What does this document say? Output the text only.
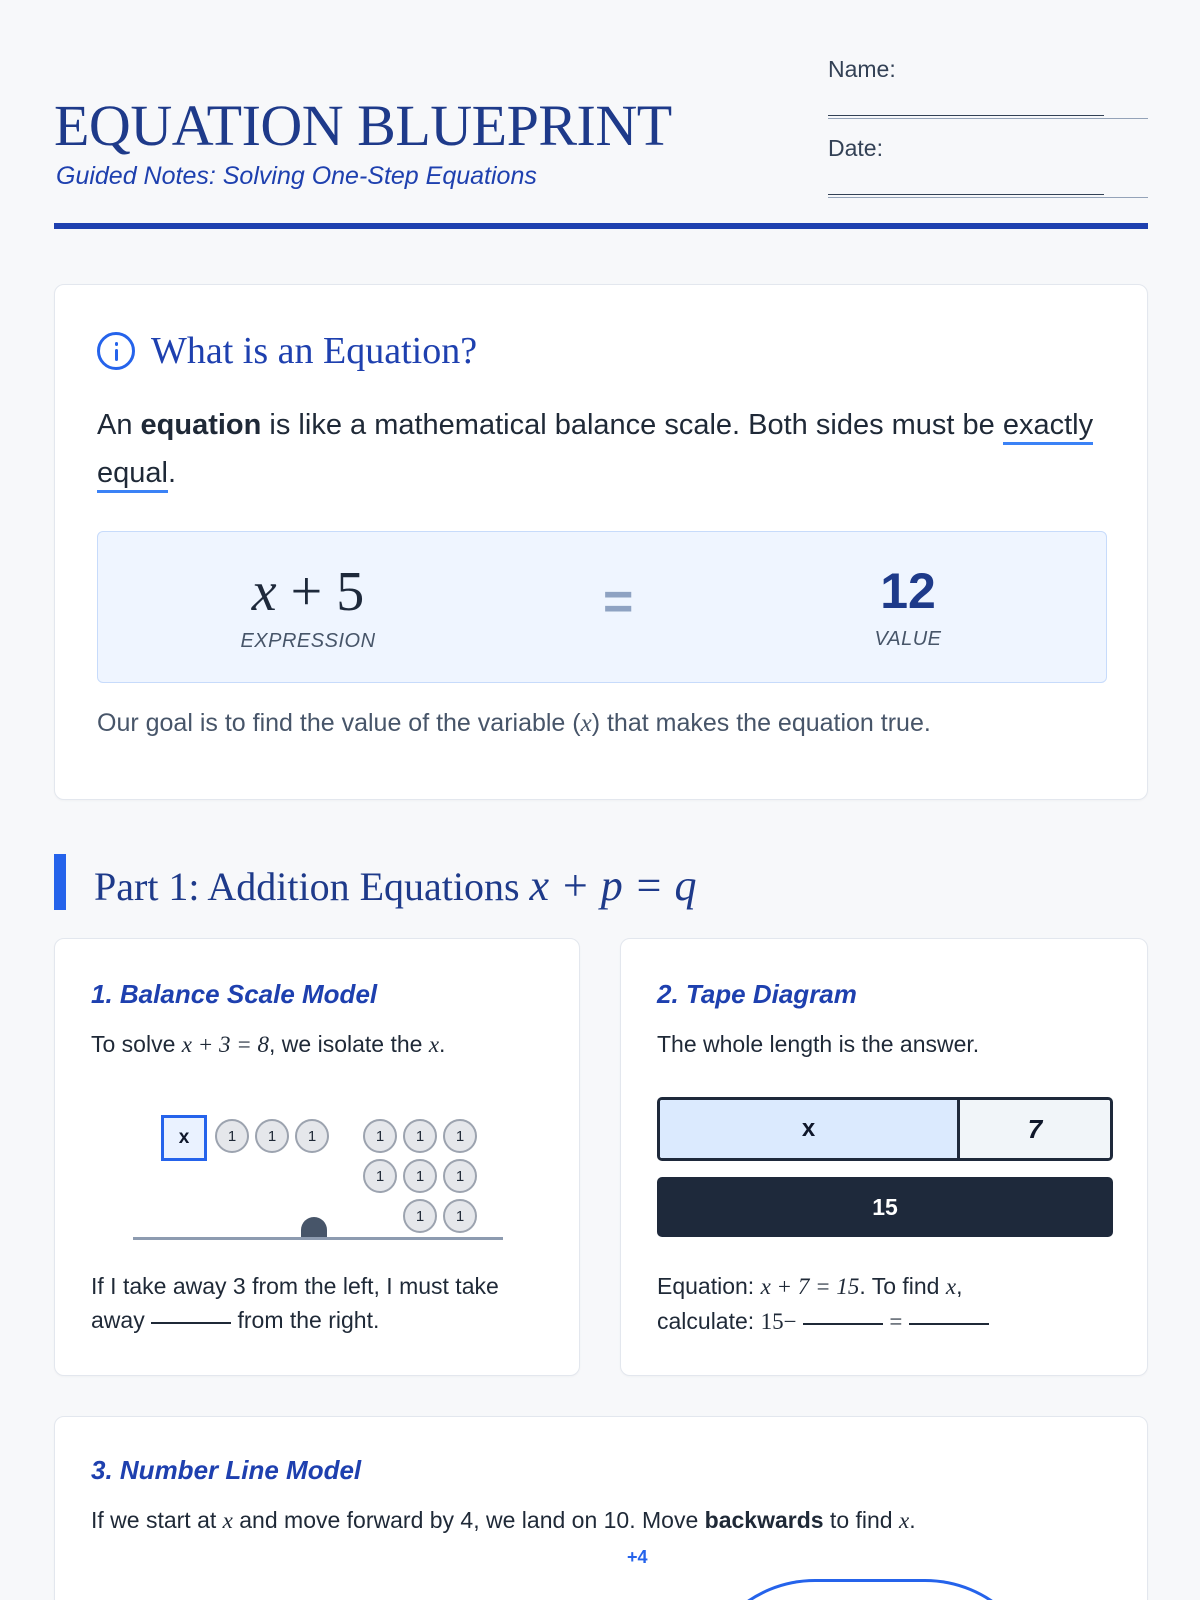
EQUATION BLUEPRINT
Guided Notes: Solving One-Step Equations
Name:
Date:
What is an Equation?
An equation is like a mathematical balance scale. Both sides must be exactly equal.
x + 5
EXPRESSION
=	12
VALUE
Our goal is to find the value of the variable (x) that makes the equation true.
Part 1: Addition Equations x + p = q
1. Balance Scale Model
To solve x + 3 = 8, we isolate the x.
x	1	1	1	1	1	1
1	1	1
1	1
If I take away 3 from the left, I must take away	from the right.
2. Tape Diagram
The whole length is the answer.
x	7
15
Equation: x + 7 = 15. To find x,
calculate: 15−	=
3. Number Line Model
If we start at x and move forward by 4, we land on 10. Move backwards to find x.
+4
